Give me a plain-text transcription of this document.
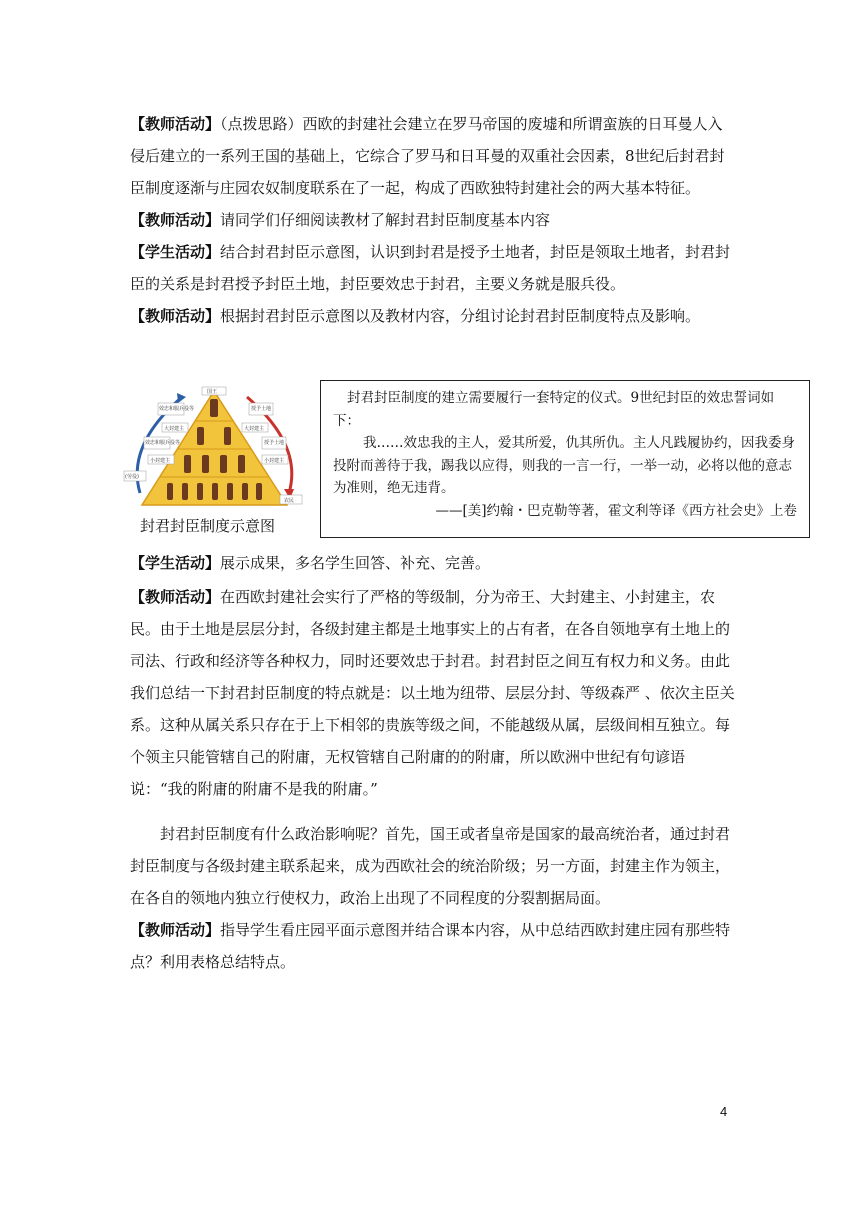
【教师活动】（点拨思路）西欧的封建社会建立在罗马帝国的废墟和所谓蛮族的日耳曼人入侵后建立的一系列王国的基础上，它综合了罗马和日耳曼的双重社会因素，8世纪后封君封臣制度逐渐与庄园农奴制度联系在了一起，构成了西欧独特封建社会的两大基本特征。

【教师活动】请同学们仔细阅读教材了解封君封臣制度基本内容

【学生活动】结合封君封臣示意图，认识到封君是授予土地者，封臣是领取土地者，封君封臣的关系是封君授予封臣土地，封臣要效忠于封君，主要义务就是服兵役。

【教师活动】根据封君封臣示意图以及教材内容，分组讨论封君封臣制度特点及影响。

国王
效忠和服兵役等	授予土地
大封建主	大封建主
效忠和服兵役等	授予土地
小封建主	小封建主
(劳役)
农民
封君封臣制度示意图

封君封臣制度的建立需要履行一套特定的仪式。9世纪封臣的效忠誓词如下：

我……效忠我的主人，爱其所爱，仇其所仇。主人凡践履协约，因我委身投附而善待于我，踢我以应得，则我的一言一行，一举一动，必将以他的意志为准则，绝无违背。

——[美]约翰・巴克勒等著，霍文利等译《西方社会史》上卷

【学生活动】展示成果，多名学生回答、补充、完善。

【教师活动】在西欧封建社会实行了严格的等级制，分为帝王、大封建主、小封建主，农民。由于土地是层层分封，各级封建主都是土地事实上的占有者，在各自领地享有土地上的司法、行政和经济等各种权力，同时还要效忠于封君。封君封臣之间互有权力和义务。由此我们总结一下封君封臣制度的特点就是：以土地为纽带、层层分封、等级森严 、依次主臣关系。这种从属关系只存在于上下相邻的贵族等级之间，不能越级从属，层级间相互独立。每个领主只能管辖自己的附庸，无权管辖自己附庸的的附庸，所以欧洲中世纪有句谚语说：“我的附庸的附庸不是我的附庸。”

封君封臣制度有什么政治影响呢？首先，国王或者皇帝是国家的最高统治者，通过封君封臣制度与各级封建主联系起来，成为西欧社会的统治阶级；另一方面，封建主作为领主，在各自的领地内独立行使权力，政治上出现了不同程度的分裂割据局面。

【教师活动】指导学生看庄园平面示意图并结合课本内容，从中总结西欧封建庄园有那些特点？利用表格总结特点。

4
